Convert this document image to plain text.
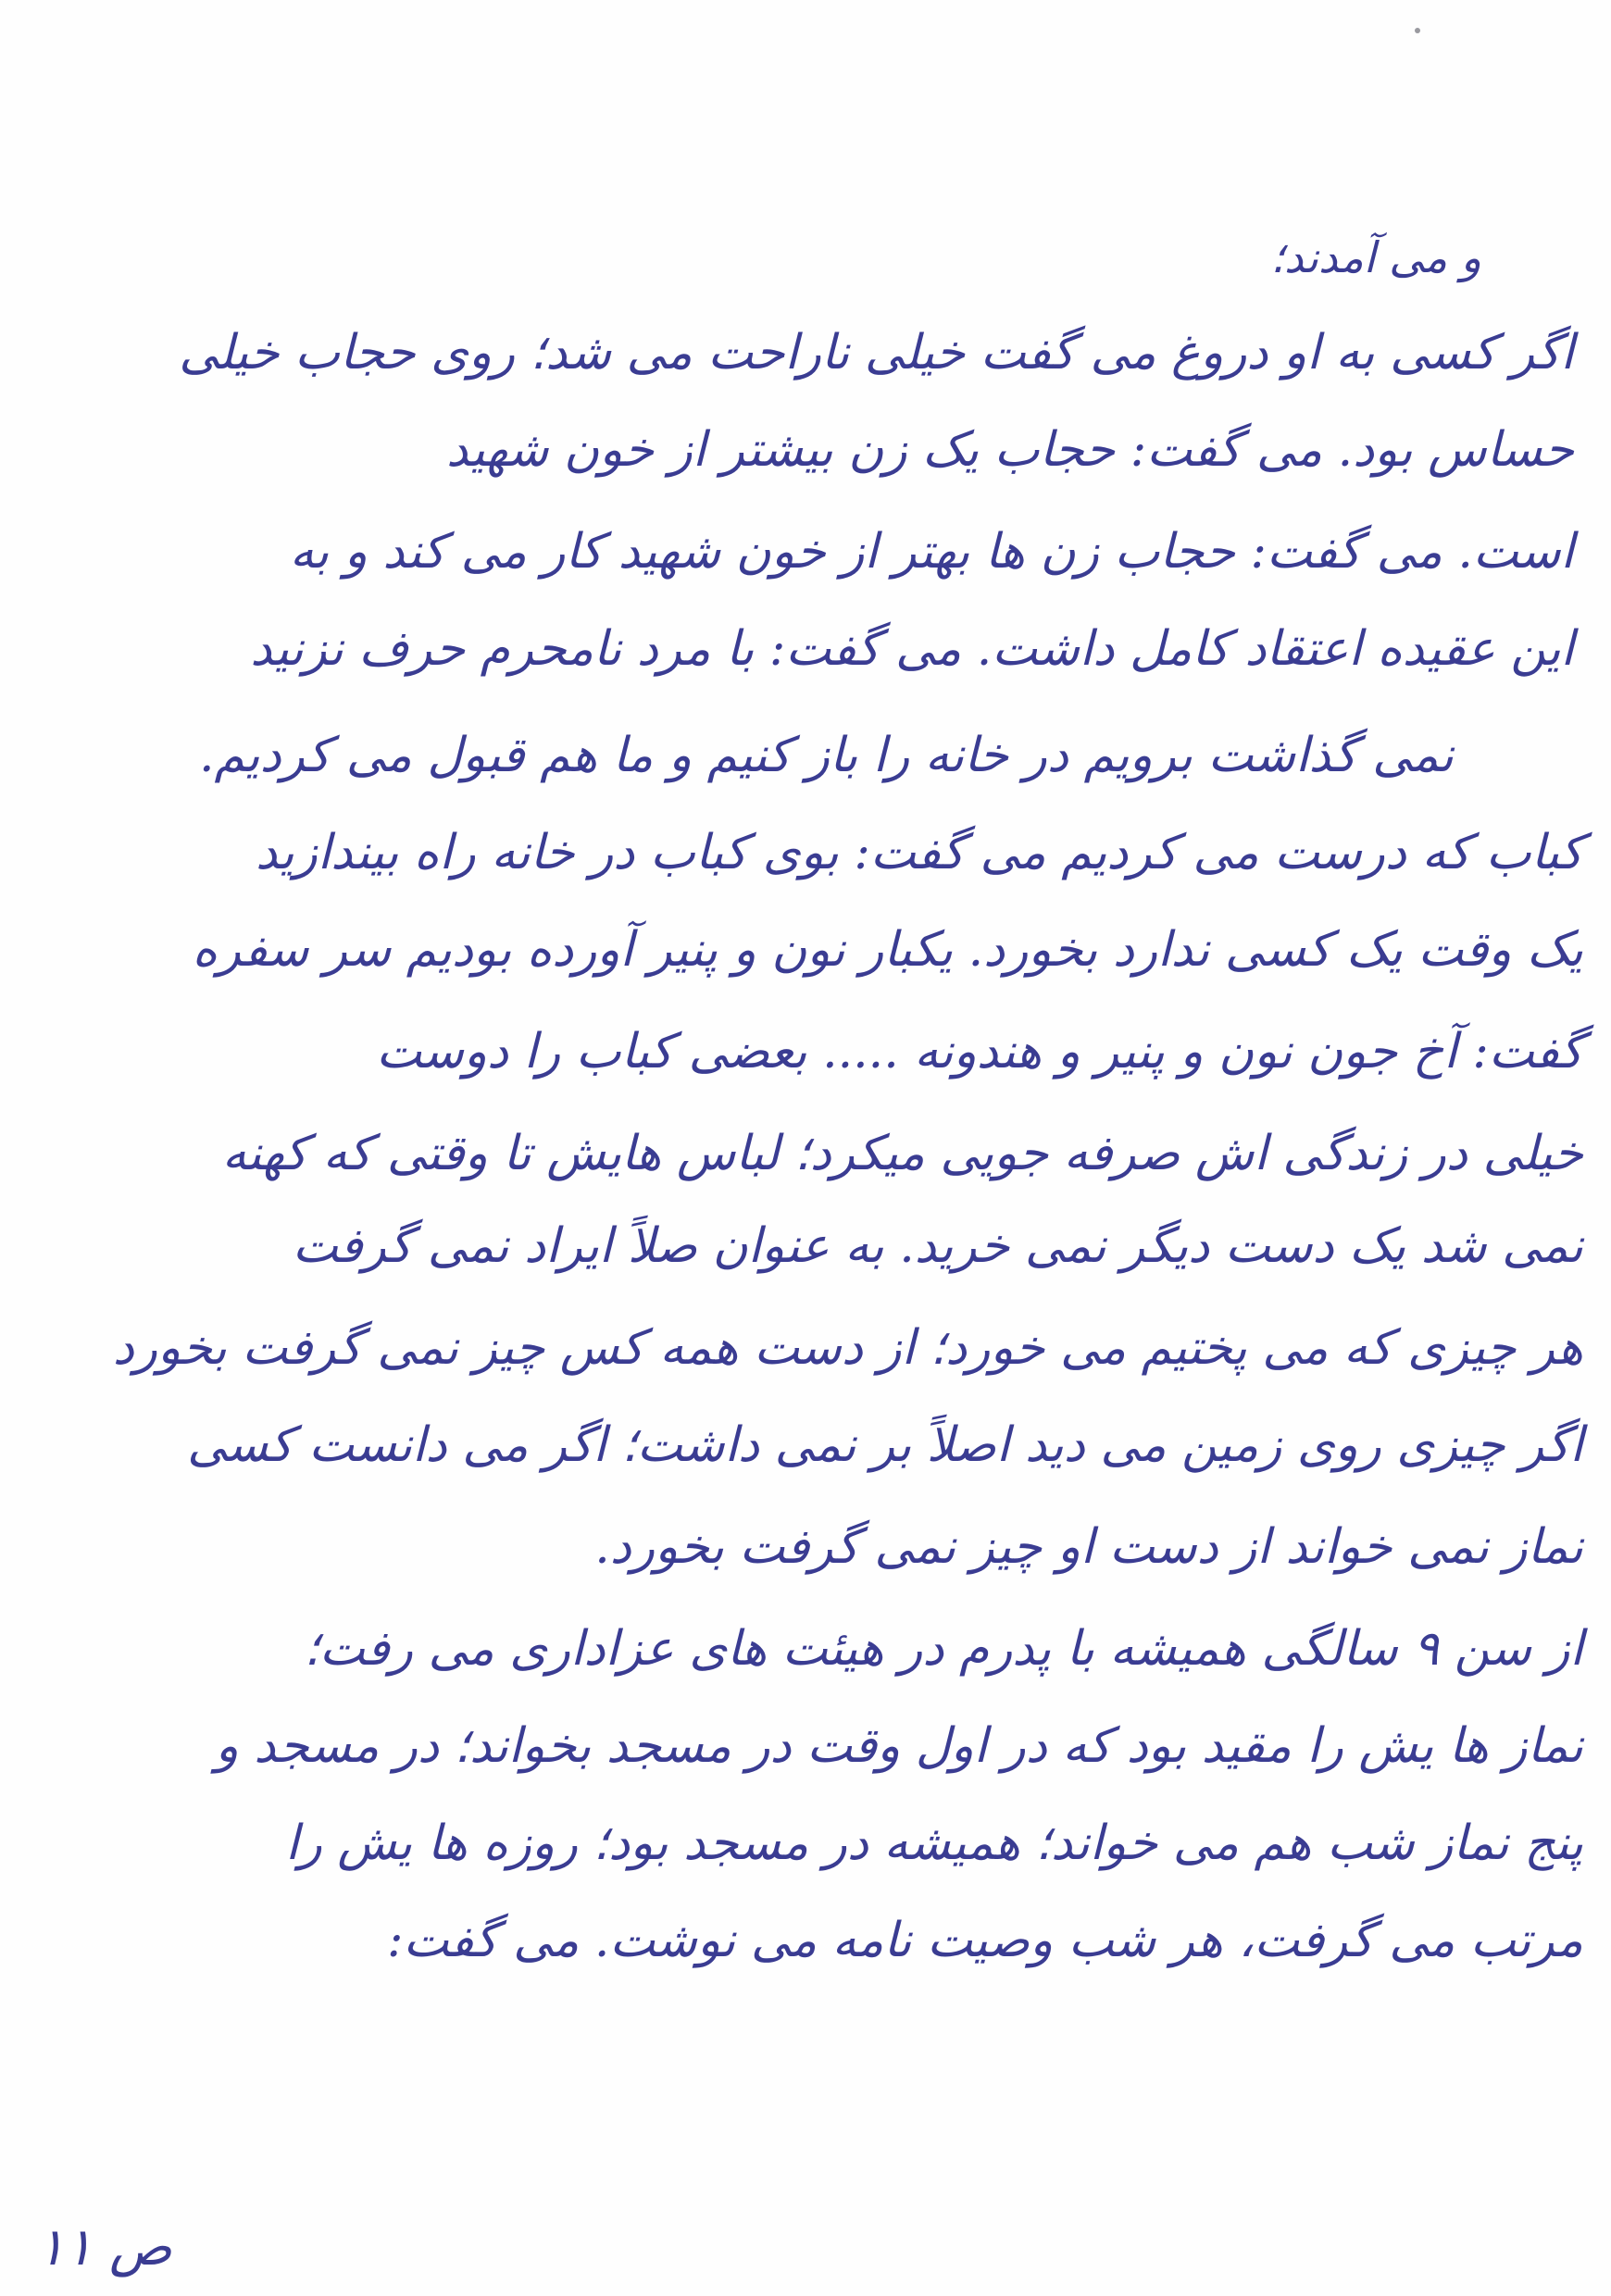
و می آمدند؛
اگر کسی به او دروغ می گفت خیلی ناراحت می شد؛ روی حجاب خیلی
حساس بود. می گفت: حجاب یک زن بیشتر از خون شهید
است. می گفت: حجاب زن ها بهتر از خون شهید کار می کند و به
این عقیده اعتقاد کامل داشت. می گفت: با مرد نامحرم حرف نزنید
نمی گذاشت برویم در خانه را باز کنیم و ما هم قبول می کردیم.
کباب که درست می کردیم می گفت: بوی کباب در خانه راه بیندازید
یک وقت یک کسی ندارد بخورد. یکبار نون و پنیر آورده بودیم سر سفره
گفت: آخ جون نون و پنیر و هندونه ..... بعضی کباب را دوست
خیلی در زندگی اش صرفه جویی میکرد؛ لباس هایش تا وقتی که کهنه
نمی شد یک دست دیگر نمی خرید. به عنوان صلاً ایراد نمی گرفت
هر چیزی که می پختیم می خورد؛ از دست همه کس چیز نمی گرفت بخورد
اگر چیزی روی زمین می دید اصلاً بر نمی داشت؛ اگر می دانست کسی
نماز نمی خواند از دست او چیز نمی گرفت بخورد.
از سن ۹ سالگی همیشه با پدرم در هیئت های عزاداری می رفت؛
نماز ها یش را مقید بود که در اول وقت در مسجد بخواند؛ در مسجد و
پنج نماز شب هم می خواند؛ همیشه در مسجد بود؛ روزه ها یش را
مرتب می گرفت، هر شب وصیت نامه می نوشت. می گفت:
ص ۱۱
